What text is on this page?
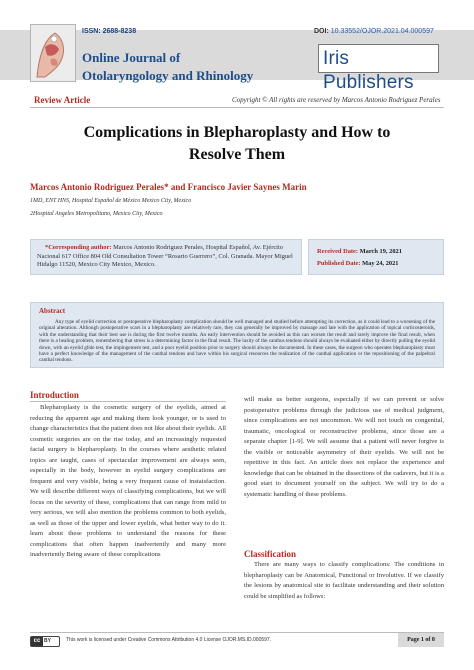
ISSN: 2688-8238
Online Journal of
Otolaryngology and Rhinology
DOI: 10.33552/OJOR.2021.04.000597
Iris Publishers
Review Article	Copyright © All rights are reserved by Marcos Antonio Rodriguez Perales
Complications in Blepharoplasty and How to
Resolve Them
Marcos Antonio Rodriguez Perales* and Francisco Javier Saynes Marin
1MD, ENT HNS, Hospital Español de México Mexico City, Mexico
2Hospital Angeles Metropolitano, Mexico City, Mexico
*Corresponding author: Marcos Antonio Rodriguez Perales, Hospital Español, Av. Ejército Nacional 617 Office 804 Old Consultation Tower “Rosario Guerrero”, Col. Granada. Mayor Miguel Hidalgo 11520, Mexico City Mexico, Mexico.
Received Date: March 19, 2021
Published Date: May 24, 2021
Abstract
Any type of eyelid correction or postoperative blepharoplasty complication should be well managed and studied before attempting its correction, as it could lead to a worsening of the original alteration. Although postoperative scars in a blepharoplasty are relatively rare, they can generally be improved by massage and late with the application of topical corticosteroids, with the understanding that their best use is during the first twelve months. An early intervention should be avoided as this can worsen the result and rarely improve the final result, when there is a healing problem, remembering that stress is a determining factor in the final result. The laxity of the canthus tendons should always be evaluated either by directly pulling the eyelid down, with an eyelid glide test, the impingement test, and a poor eyelid position prior to surgery should always be documented. In these cases, the surgeon who operates blepharoplasty must have a perfect knowledge of the management of the canthal tendons and have within his surgical resources the realization of the canthal application or the repositioning of the palpebral canthal tendons.
Introduction

Blepharoplasty is the cosmetic surgery of the eyelids, aimed at reducing the apparent age and making them look younger, or is used to change characteristics that the patient does not like about their eyelids. All cosmetic surgeries are on the rise today, and an increasingly requested facial surgery is blepharoplasty. In the courses where aesthetic related topics are taught, cases of spectacular improvement are always seen, especially in the body, however in eyelid surgery complications are frequent and very visible, being a very frequent cause of instaisfaction. We will describe different ways of classifying complications, but we will focus on the severity of these, complications that can range from mild to very serious, we will also mention the problems common to both eyelids, as well as those of the upper and lower eyelids, what better way to do it. learn about these problems to understand the reasons for these complications that often happen inadvertently and many more inadvertently Being aware of these complications

will make us better surgeons, especially if we can prevent or solve postoperative problems through the judicious use of medical judgment, since complications are not uncommon. We will not touch on congenital, traumatic, oncological or reconstructive problems, since those are a separate chapter [1-9]. We will assume that a patient will never forgive is the visible or noticeable asymmetry of their eyelids. We will not be repetitive in this fact. An article does not replace the experience and knowledge that can be obtained in the dissections of the cadavers, but it is a good start to document yourself on the subject. We will try to do a systematic handling of these problems.

Classification

There are many ways to classify complications: The conditions in blepharoplasty can be Anatomical, Functional or Involutive. If we classify the lesions by anatomical site to facilitate understanding and their solution could be simplified as follows:

cc BY	This work is licensed under Creative Commons Attribution 4.0 License OJOR.MS.ID.000597.	Page 1 of 8
